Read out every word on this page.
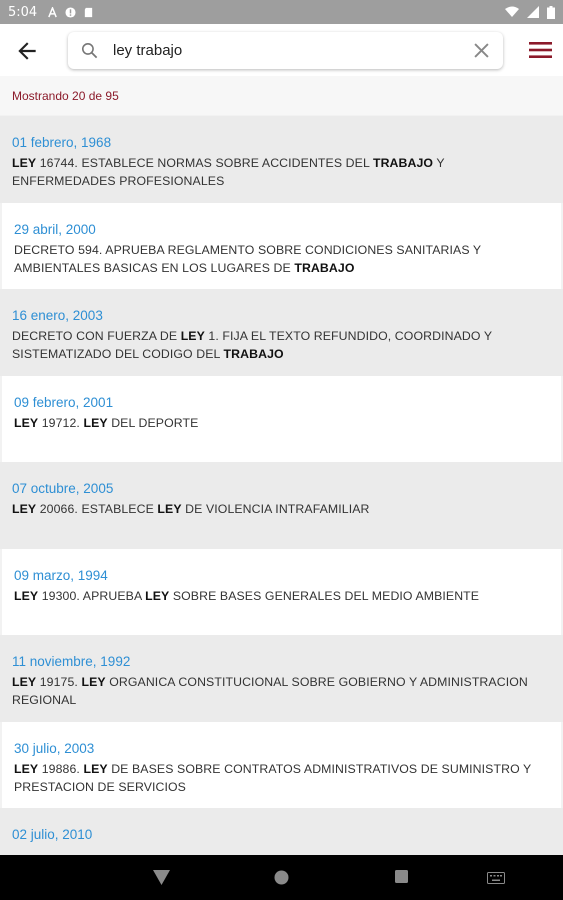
5:04
ley trabajo
Mostrando 20 de 95
01 febrero, 1968
LEY 16744. ESTABLECE NORMAS SOBRE ACCIDENTES DEL TRABAJO Y ENFERMEDADES PROFESIONALES
29 abril, 2000
DECRETO 594. APRUEBA REGLAMENTO SOBRE CONDICIONES SANITARIAS Y AMBIENTALES BASICAS EN LOS LUGARES DE TRABAJO
16 enero, 2003
DECRETO CON FUERZA DE LEY 1. FIJA EL TEXTO REFUNDIDO, COORDINADO Y SISTEMATIZADO DEL CODIGO DEL TRABAJO
09 febrero, 2001
LEY 19712. LEY DEL DEPORTE
07 octubre, 2005
LEY 20066. ESTABLECE LEY DE VIOLENCIA INTRAFAMILIAR
09 marzo, 1994
LEY 19300. APRUEBA LEY SOBRE BASES GENERALES DEL MEDIO AMBIENTE
11 noviembre, 1992
LEY 19175. LEY ORGANICA CONSTITUCIONAL SOBRE GOBIERNO Y ADMINISTRACION REGIONAL
30 julio, 2003
LEY 19886. LEY DE BASES SOBRE CONTRATOS ADMINISTRATIVOS DE SUMINISTRO Y PRESTACION DE SERVICIOS
02 julio, 2010
